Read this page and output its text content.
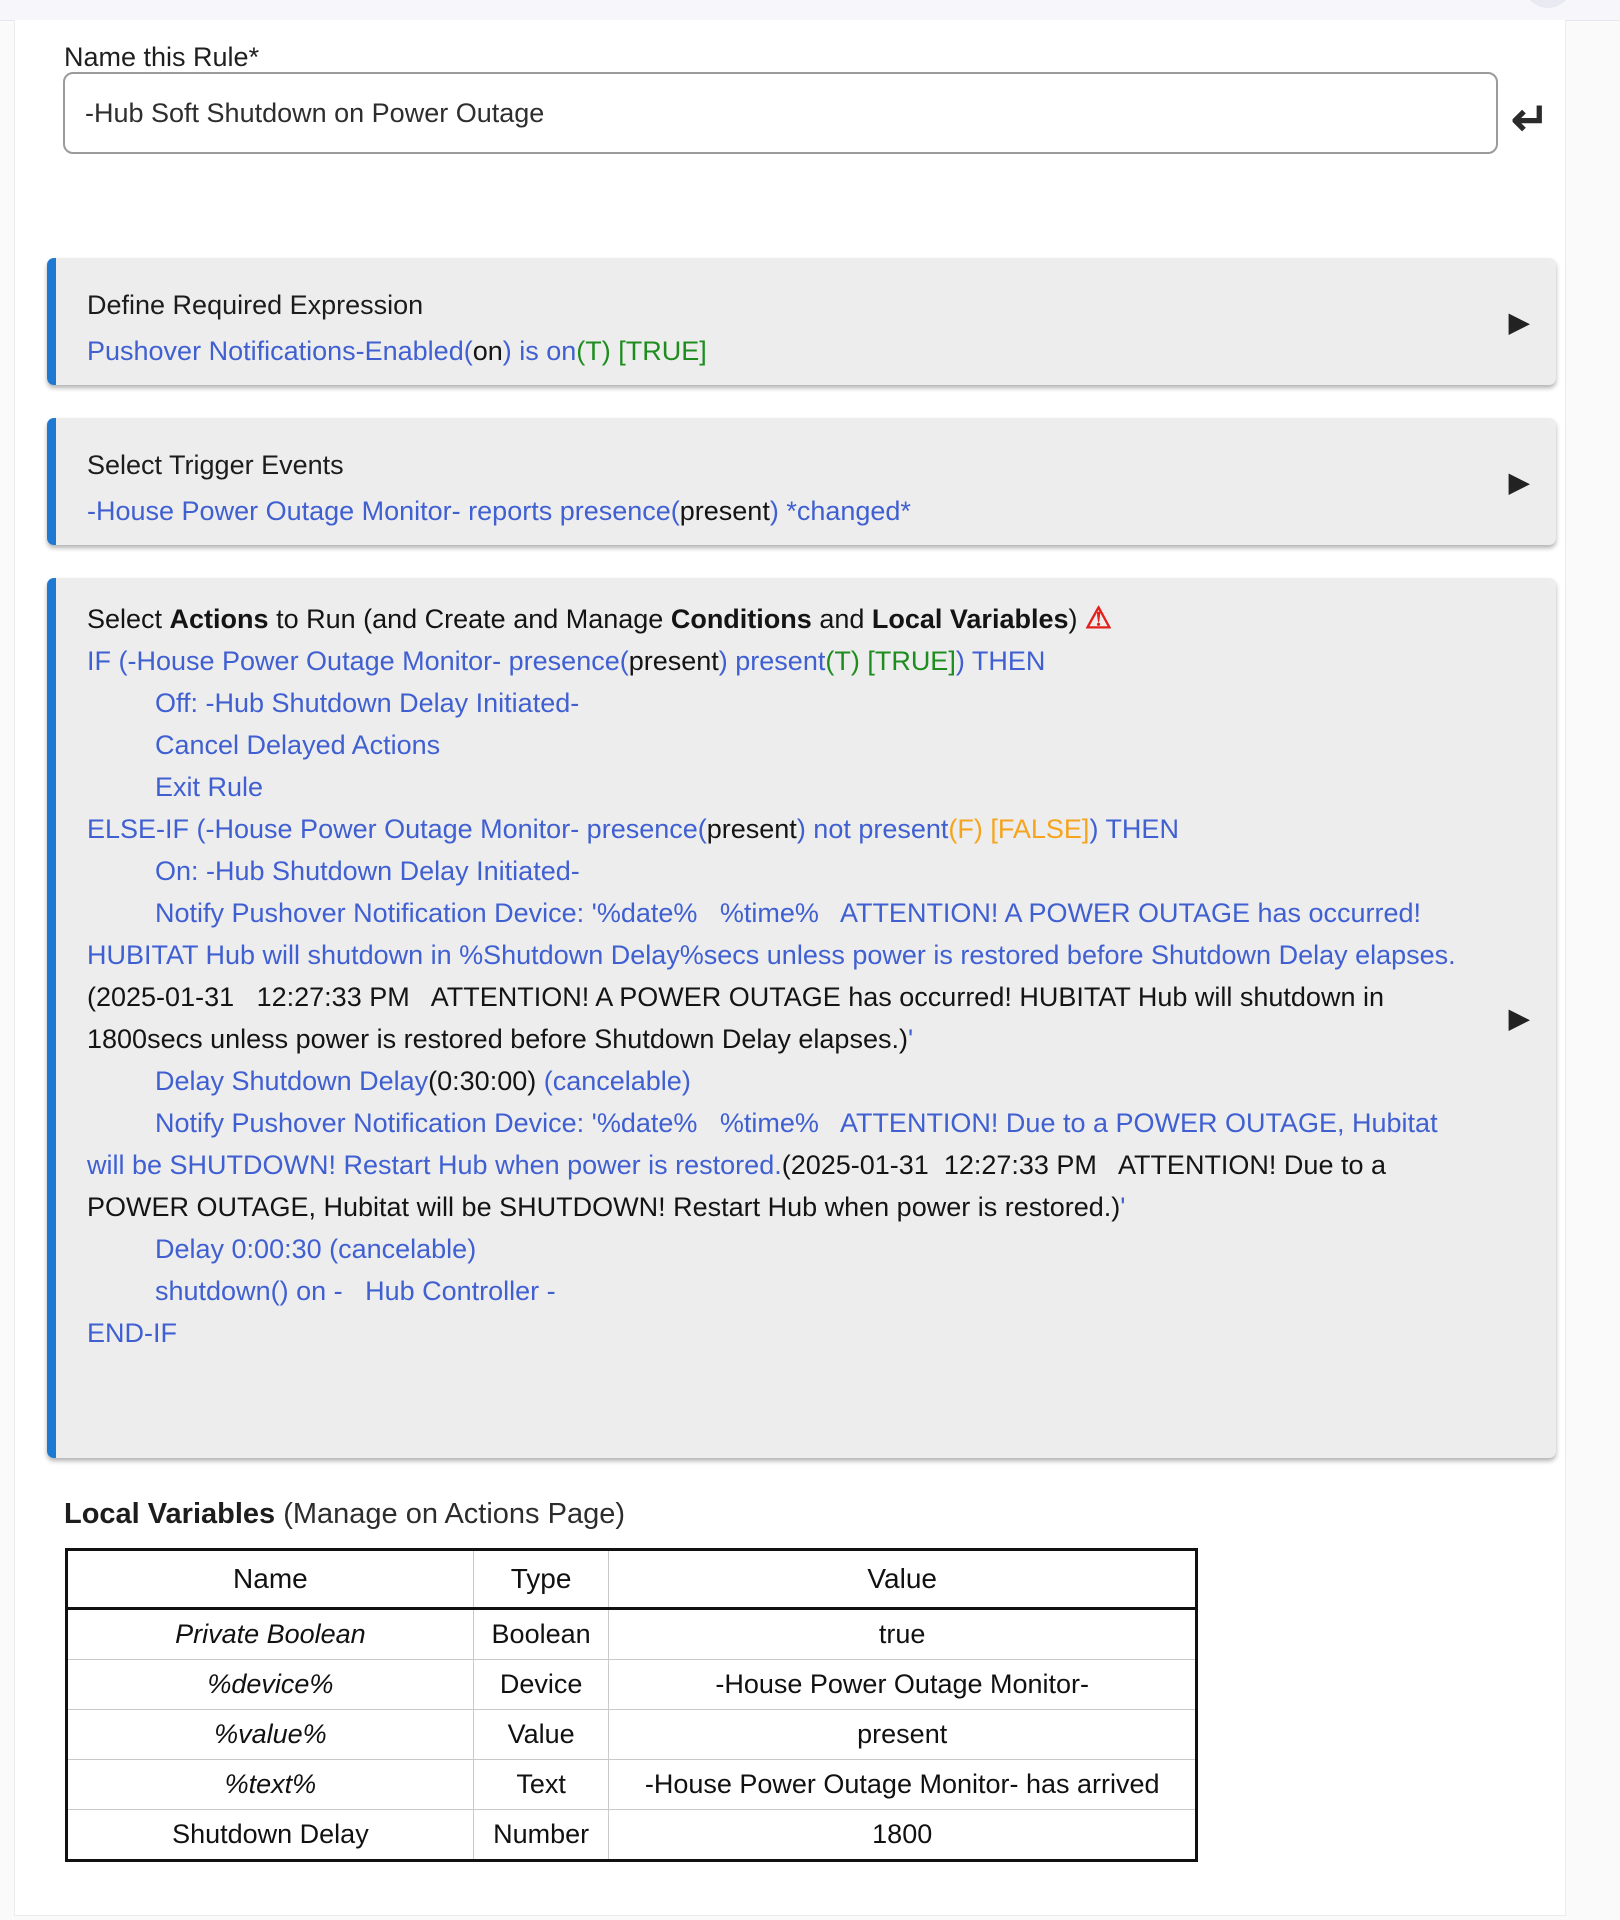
Name this Rule*
-Hub Soft Shutdown on Power Outage
↵
Define Required Expression
Pushover Notifications-Enabled(on) is on(T) [TRUE]
▶
Select Trigger Events
-House Power Outage Monitor- reports presence(present) *changed*
▶
Select Actions to Run (and Create and Manage Conditions and Local Variables) ⚠
IF (-House Power Outage Monitor- presence(present) present(T) [TRUE]) THEN
Off: -Hub Shutdown Delay Initiated-
Cancel Delayed Actions
Exit Rule
ELSE-IF (-House Power Outage Monitor- presence(present) not present(F) [FALSE]) THEN
On: -Hub Shutdown Delay Initiated-
Notify Pushover Notification Device: '%date%   %time%   ATTENTION! A POWER OUTAGE has occurred! HUBITAT Hub will shutdown in %Shutdown Delay%secs unless power is restored before Shutdown Delay elapses.(2025-01-31   12:27:33 PM   ATTENTION! A POWER OUTAGE has occurred! HUBITAT Hub will shutdown in 1800secs unless power is restored before Shutdown Delay elapses.)'
Delay Shutdown Delay(0:30:00) (cancelable)
Notify Pushover Notification Device: '%date%   %time%   ATTENTION! Due to a POWER OUTAGE, Hubitat will be SHUTDOWN! Restart Hub when power is restored.(2025-01-31  12:27:33 PM   ATTENTION! Due to a POWER OUTAGE, Hubitat will be SHUTDOWN! Restart Hub when power is restored.)'
Delay 0:00:30 (cancelable)
shutdown() on -   Hub Controller -
END-IF
▶
Local Variables (Manage on Actions Page)
Name	Type	Value
Private Boolean	Boolean	true
%device%	Device	-House Power Outage Monitor-
%value%	Value	present
%text%	Text	-House Power Outage Monitor- has arrived
Shutdown Delay	Number	1800
